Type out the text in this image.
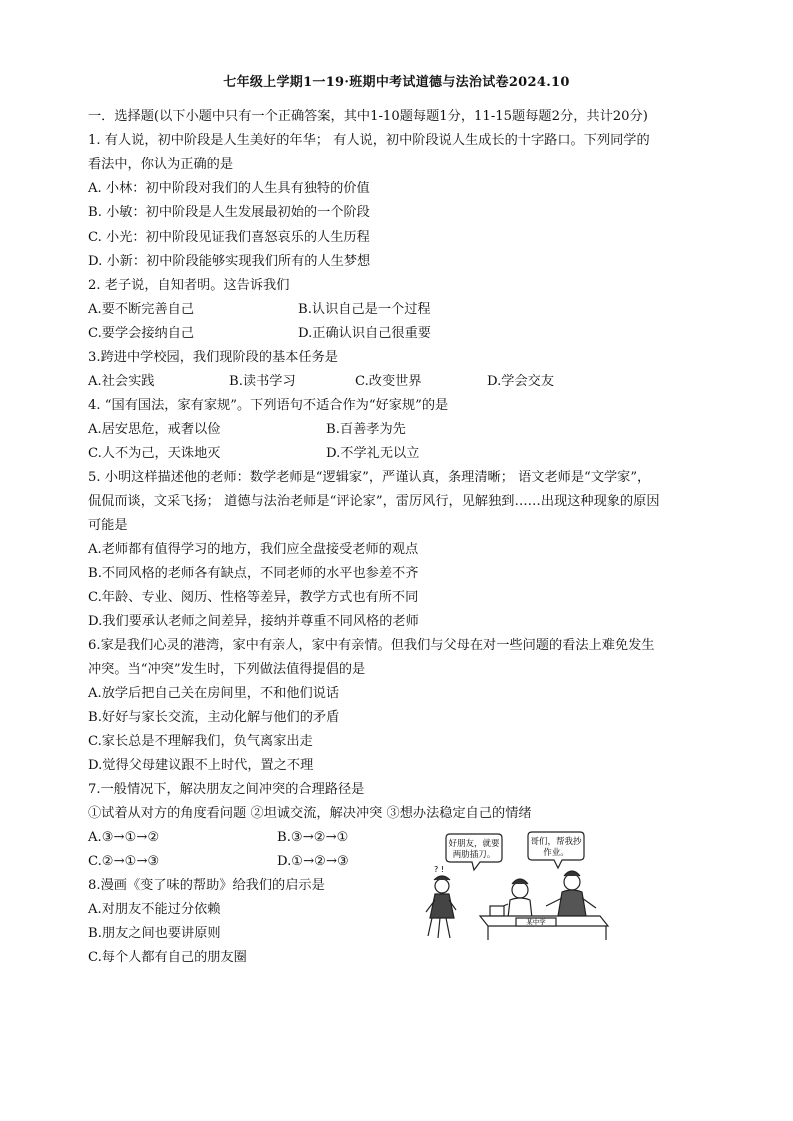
七年级上学期1一19·班期中考试道德与法治试卷2024.10
一．选择题(以下小题中只有一个正确答案，其中1-10题每题1分，11-15题每题2分，共计20分)
1. 有人说，初中阶段是人生美好的年华； 有人说，初中阶段说人生成长的十字路口。下列同学的
看法中，你认为正确的是
A. 小林：初中阶段对我们的人生具有独特的价值
B. 小敏：初中阶段是人生发展最初始的一个阶段
C. 小光：初中阶段见证我们喜怒哀乐的人生历程
D. 小新：初中阶段能够实现我们所有的人生梦想
2. 老子说，自知者明。这告诉我们
A.要不断完善自己	B.认识自己是一个过程
C.要学会接纳自己	D.正确认识自己很重要
3.跨进中学校园，我们现阶段的基本任务是
A.社会实践	B.读书学习	C.改变世界	D.学会交友
4. “国有国法，家有家规”。下列语句不适合作为“好家规”的是
A.居安思危，戒奢以俭	B.百善孝为先
C.人不为己，天诛地灭	D.不学礼无以立
5. 小明这样描述他的老师：数学老师是“逻辑家”，严谨认真，条理清晰； 语文老师是“文学家”，
侃侃而谈，文采飞扬； 道德与法治老师是“评论家”，雷厉风行，见解独到……出现这种现象的原因
可能是
A.老师都有值得学习的地方，我们应全盘接受老师的观点
B.不同风格的老师各有缺点，不同老师的水平也参差不齐
C.年龄、专业、阅历、性格等差异，教学方式也有所不同
D.我们要承认老师之间差异，接纳并尊重不同风格的老师
6.家是我们心灵的港湾，家中有亲人，家中有亲情。但我们与父母在对一些问题的看法上难免发生
冲突。当“冲突”发生时，下列做法值得提倡的是
A.放学后把自己关在房间里，不和他们说话
B.好好与家长交流，主动化解与他们的矛盾
C.家长总是不理解我们，负气离家出走
D.觉得父母建议跟不上时代，置之不理
7.一般情况下，解决朋友之间冲突的合理路径是
①试着从对方的角度看问题 ②坦诚交流，解决冲突 ③想办法稳定自己的情绪
A.③→①→②	B.③→②→①
C.②→①→③	D.①→②→③
8.漫画《变了味的帮助》给我们的启示是
A.对朋友不能过分依赖
B.朋友之间也要讲原则
C.每个人都有自己的朋友圈
好朋友，就要
两肋插刀。
哥们，帮我抄
作业。
? !
某中学
